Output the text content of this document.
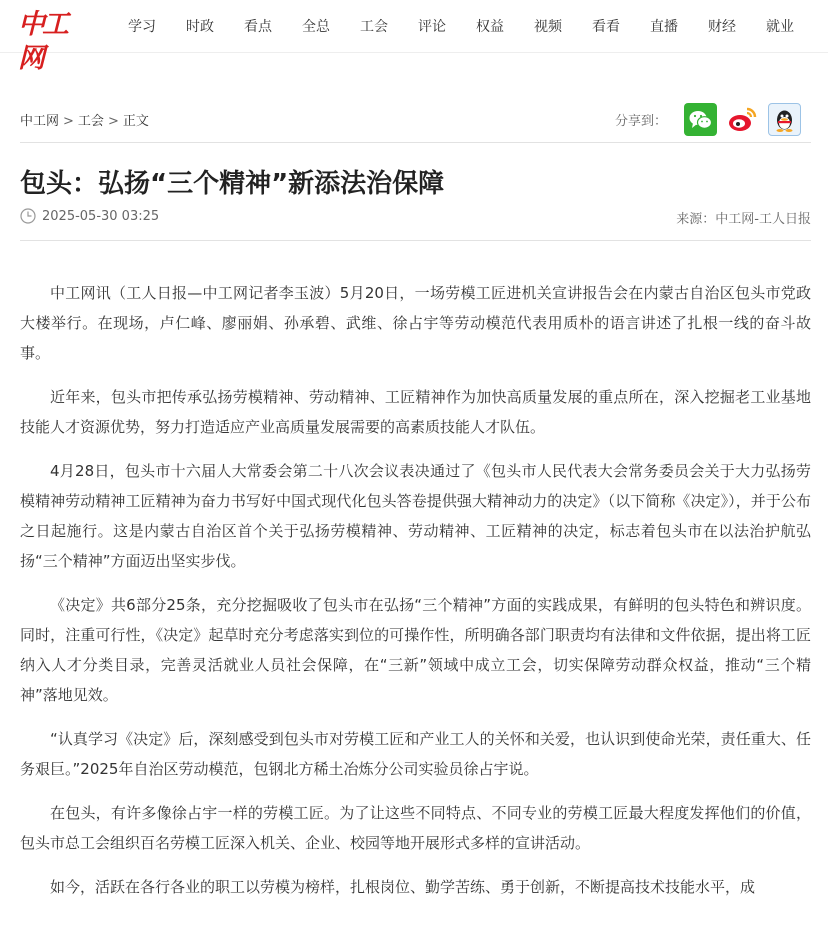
中工网
学习	时政	看点	全总	工会	评论	权益	视频	看看	直播	财经	就业
中工网 > 工会 > 正文	分享到：
包头：弘扬“三个精神”新添法治保障
2025-05-30 03:25	来源：中工网-工人日报

中工网讯（工人日报—中工网记者李玉波）5月20日，一场劳模工匠进机关宣讲报告会在内蒙古自治区包头市党政大楼举行。在现场，卢仁峰、廖丽娟、孙承碧、武维、徐占宇等劳动模范代表用质朴的语言讲述了扎根一线的奋斗故事。

近年来，包头市把传承弘扬劳模精神、劳动精神、工匠精神作为加快高质量发展的重点所在，深入挖掘老工业基地技能人才资源优势，努力打造适应产业高质量发展需要的高素质技能人才队伍。

4月28日，包头市十六届人大常委会第二十八次会议表决通过了《包头市人民代表大会常务委员会关于大力弘扬劳模精神劳动精神工匠精神为奋力书写好中国式现代化包头答卷提供强大精神动力的决定》（以下简称《决定》），并于公布之日起施行。这是内蒙古自治区首个关于弘扬劳模精神、劳动精神、工匠精神的决定，标志着包头市在以法治护航弘扬“三个精神”方面迈出坚实步伐。

《决定》共6部分25条，充分挖掘吸收了包头市在弘扬“三个精神”方面的实践成果，有鲜明的包头特色和辨识度。同时，注重可行性，《决定》起草时充分考虑落实到位的可操作性，所明确各部门职责均有法律和文件依据，提出将工匠纳入人才分类目录，完善灵活就业人员社会保障，在“三新”领域中成立工会，切实保障劳动群众权益，推动“三个精神”落地见效。

“认真学习《决定》后，深刻感受到包头市对劳模工匠和产业工人的关怀和关爱，也认识到使命光荣，责任重大、任务艰巨。”2025年自治区劳动模范，包钢北方稀土冶炼分公司实验员徐占宇说。

在包头，有许多像徐占宇一样的劳模工匠。为了让这些不同特点、不同专业的劳模工匠最大程度发挥他们的价值，包头市总工会组织百名劳模工匠深入机关、企业、校园等地开展形式多样的宣讲活动。

如今，活跃在各行各业的职工以劳模为榜样，扎根岗位、勤学苦练、勇于创新，不断提高技术技能水平，成
